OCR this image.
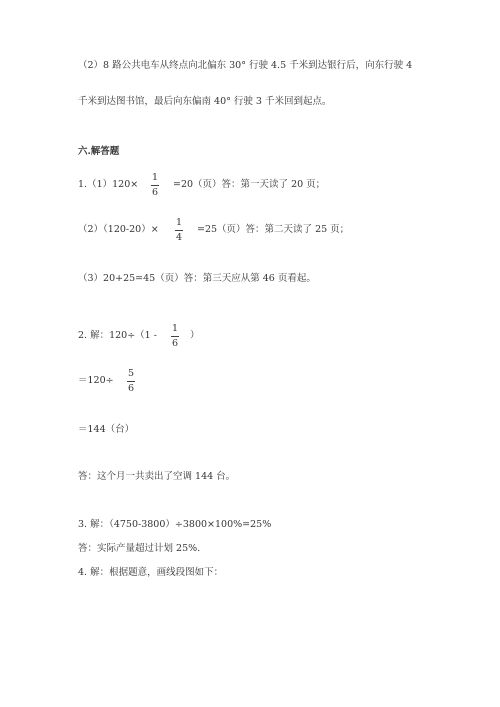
（2）8 路公共电车从终点向北偏东 30° 行驶 4.5 千米到达银行后，向东行驶 4
千米到达图书馆，最后向东偏南 40° 行驶 3 千米回到起点。
六.解答题
1.（1）120×
1
6
=20（页）答：第一天读了 20 页；
（2）（120-20）×
1
4
=25（页）答：第二天读了 25 页；
（3）20+25=45（页）答：第三天应从第 46 页看起。
2. 解：120÷（1 -
1
6
）
＝120÷
5
6
＝144（台）
答：这个月一共卖出了空调 144 台。
3. 解：（4750-3800）÷3800×100%=25%
答：实际产量超过计划 25%.
4. 解：根据题意，画线段图如下：
